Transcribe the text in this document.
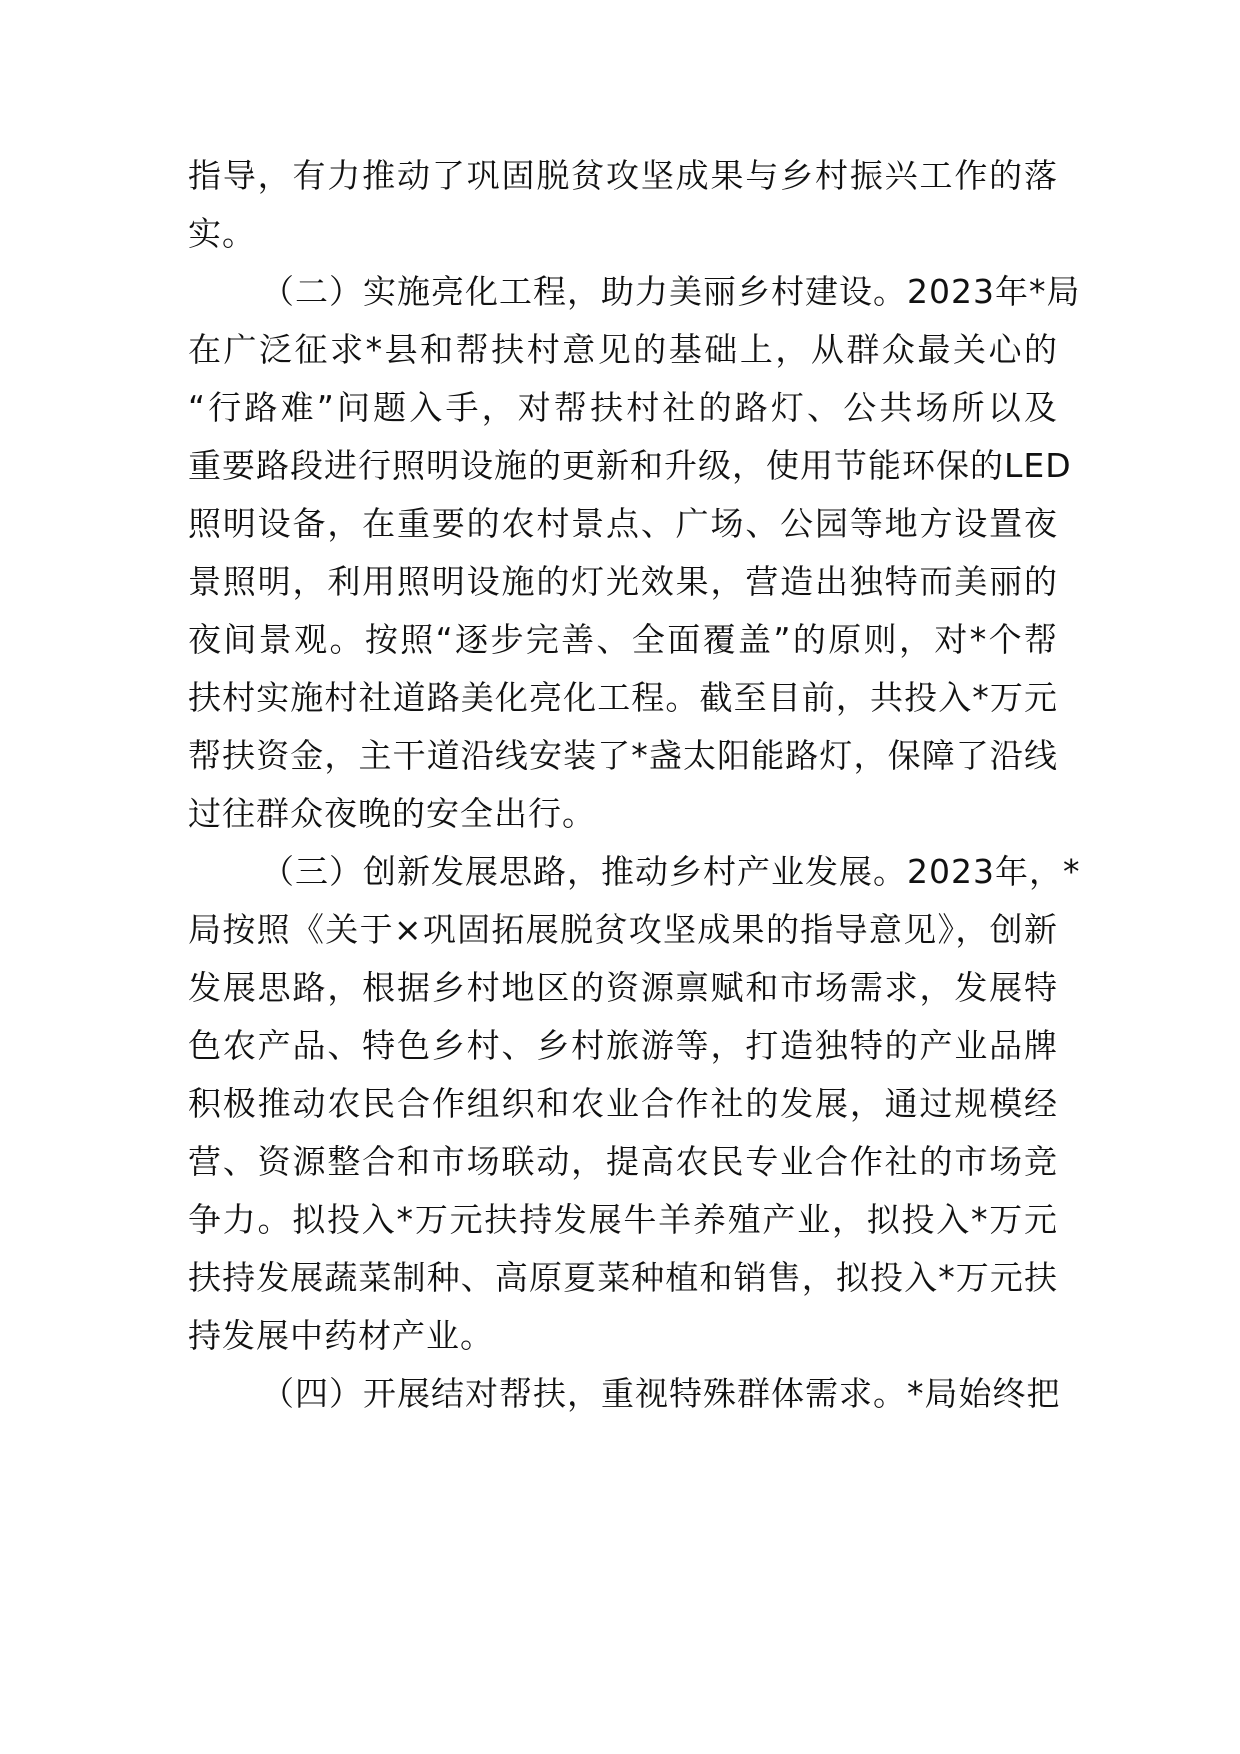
指导，有力推动了巩固脱贫攻坚成果与乡村振兴工作的落
实。
（二）实施亮化工程，助力美丽乡村建设。2023年*局
在广泛征求*县和帮扶村意见的基础上，从群众最关心的
“行路难”问题入手，对帮扶村社的路灯、公共场所以及
重要路段进行照明设施的更新和升级，使用节能环保的LED
照明设备，在重要的农村景点、广场、公园等地方设置夜
景照明，利用照明设施的灯光效果，营造出独特而美丽的
夜间景观。按照“逐步完善、全面覆盖”的原则，对*个帮
扶村实施村社道路美化亮化工程。截至目前，共投入*万元
帮扶资金，主干道沿线安装了*盏太阳能路灯，保障了沿线
过往群众夜晚的安全出行。
（三）创新发展思路，推动乡村产业发展。2023年，*
局按照《关于×巩固拓展脱贫攻坚成果的指导意见》，创新
发展思路，根据乡村地区的资源禀赋和市场需求，发展特
色农产品、特色乡村、乡村旅游等，打造独特的产业品牌
积极推动农民合作组织和农业合作社的发展，通过规模经
营、资源整合和市场联动，提高农民专业合作社的市场竞
争力。拟投入*万元扶持发展牛羊养殖产业，拟投入*万元
扶持发展蔬菜制种、高原夏菜种植和销售，拟投入*万元扶
持发展中药材产业。
（四）开展结对帮扶，重视特殊群体需求。*局始终把
